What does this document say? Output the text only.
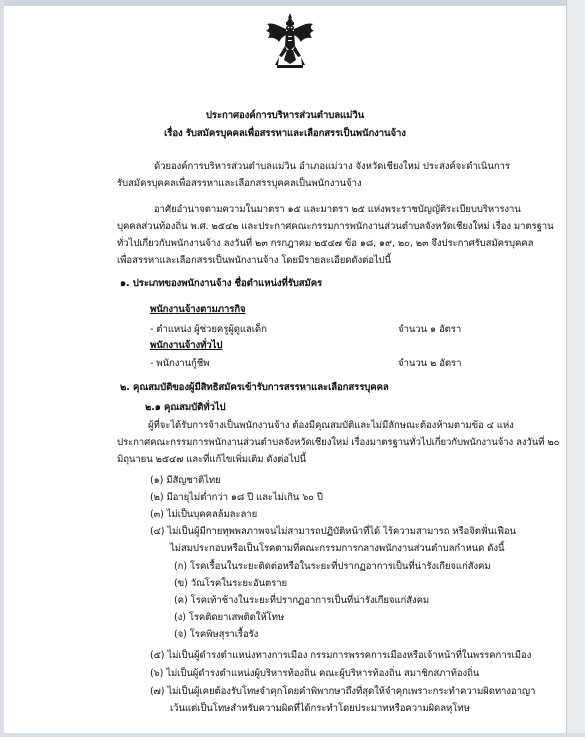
ประกาศองค์การบริหารส่วนตำบลแม่วิน
เรื่อง รับสมัครบุคคลเพื่อสรรหาและเลือกสรรเป็นพนักงานจ้าง
ด้วยองค์การบริหารส่วนตำบลแม่วิน อำเภอแม่วาง จังหวัดเชียงใหม่ ประสงค์จะดำเนินการ
รับสมัครบุคคลเพื่อสรรหาและเลือกสรรบุคคลเป็นพนักงานจ้าง
อาศัยอำนาจตามความในมาตรา ๑๕ และมาตรา ๒๕ แห่งพระราชบัญญัติระเบียบบริหารงาน
บุคคลส่วนท้องถิ่น พ.ศ. ๒๕๔๒ และประกาศคณะกรรมการพนักงานส่วนตำบลจังหวัดเชียงใหม่ เรื่อง มาตรฐาน
ทั่วไปเกี่ยวกับพนักงานจ้าง ลงวันที่ ๒๓ กรกฎาคม ๒๕๔๗ ข้อ ๑๘, ๑๙, ๒๐, ๒๓ จึงประกาศรับสมัครบุคคล
เพื่อสรรหาและเลือกสรรเป็นพนักงานจ้าง โดยมีรายละเอียดดังต่อไปนี้
๑. ประเภทของพนักงานจ้าง ชื่อตำแหน่งที่รับสมัคร
พนักงานจ้างตามภารกิจ
- ตำแหน่ง ผู้ช่วยครูผู้ดูแลเด็ก	จำนวน ๑ อัตรา
พนักงานจ้างทั่วไป
- พนักงานกู้ชีพ	จำนวน ๒ อัตรา
๒. คุณสมบัติของผู้มีสิทธิสมัครเข้ารับการสรรหาและเลือกสรรบุคคล
๒.๑ คุณสมบัติทั่วไป
ผู้ที่จะได้รับการจ้างเป็นพนักงานจ้าง ต้องมีคุณสมบัติและไม่มีลักษณะต้องห้ามตามข้อ ๔ แห่ง
ประกาศคณะกรรมการพนักงานส่วนตำบลจังหวัดเชียงใหม่ เรื่องมาตรฐานทั่วไปเกี่ยวกับพนักงานจ้าง ลงวันที่ ๒๐
มิถุนายน ๒๕๔๗ และที่แก้ไขเพิ่มเติม ดังต่อไปนี้
(๑) มีสัญชาติไทย
(๒) มีอายุไม่ต่ำกว่า ๑๘ ปี และไม่เกิน ๖๐ ปี
(๓) ไม่เป็นบุคคลล้มละลาย
(๔) ไม่เป็นผู้มีกายทุพพลภาพจนไม่สามารถปฏิบัติหน้าที่ได้ ไร้ความสามารถ หรือจิตฟั่นเฟือน
ไม่สมประกอบหรือเป็นโรคตามที่คณะกรรมการกลางพนักงานส่วนตำบลกำหนด ดังนี้
(ก) โรคเรื้อนในระยะติดต่อหรือในระยะที่ปรากฏอาการเป็นที่น่ารังเกียจแก่สังคม
(ข) วัณโรคในระยะอันตราย
(ค) โรคเท้าช้างในระยะที่ปรากฏอาการเป็นที่น่ารังเกียจแก่สังคม
(ง) โรคติดยาเสพติดให้โทษ
(จ) โรคพิษสุราเรื้อรัง
(๕) ไม่เป็นผู้ดำรงตำแหน่งทางการเมือง กรรมการพรรคการเมืองหรือเจ้าหน้าที่ในพรรคการเมือง
(๖) ไม่เป็นผู้ดำรงตำแหน่งผู้บริหารท้องถิ่น คณะผู้บริหารท้องถิ่น สมาชิกสภาท้องถิ่น
(๗) ไม่เป็นผู้เคยต้องรับโทษจำคุกโดยคำพิพากษาถึงที่สุดให้จำคุกเพราะกระทำความผิดทางอาญา
เว้นแต่เป็นโทษสำหรับความผิดที่ได้กระทำโดยประมาทหรือความผิดลหุโทษ
